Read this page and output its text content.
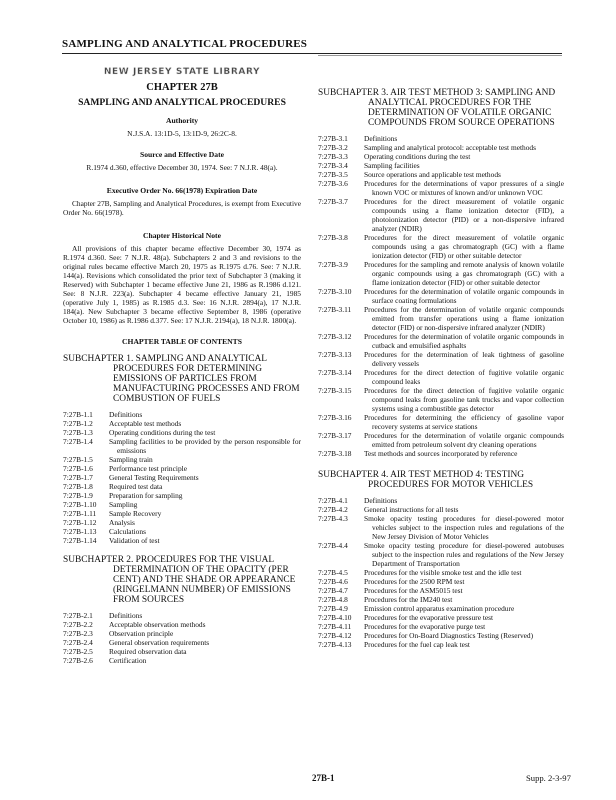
SAMPLING AND ANALYTICAL PROCEDURES
NEW JERSEY STATE LIBRARY
CHAPTER 27B
SAMPLING AND ANALYTICAL PROCEDURES
Authority
N.J.S.A. 13:1D-5, 13:1D-9, 26:2C-8.
Source and Effective Date
R.1974 d.360, effective December 30, 1974. See: 7 N.J.R. 48(a).
Executive Order No. 66(1978) Expiration Date
Chapter 27B, Sampling and Analytical Procedures, is exempt from Executive Order No. 66(1978).
Chapter Historical Note
All provisions of this chapter became effective December 30, 1974 as R.1974 d.360. See: 7 N.J.R. 48(a). Subchapters 2 and 3 and revisions to the original rules became effective March 20, 1975 as R.1975 d.76. See: 7 N.J.R. 144(a). Revisions which consolidated the prior text of Subchapter 3 (making it Reserved) with Subchapter 1 became effective June 21, 1986 as R.1986 d.121. See: 8 N.J.R. 223(a). Subchapter 4 became effective January 21, 1985 (operative July 1, 1985) as R.1985 d.3. See: 16 N.J.R. 2894(a), 17 N.J.R. 184(a). New Subchapter 3 became effective September 8, 1986 (operative October 10, 1986) as R.1986 d.377. See: 17 N.J.R. 2194(a), 18 N.J.R. 1800(a).
CHAPTER TABLE OF CONTENTS
SUBCHAPTER 1. SAMPLING AND ANALYTICAL PROCEDURES FOR DETERMINING EMISSIONS OF PARTICLES FROM MANUFACTURING PROCESSES AND FROM COMBUSTION OF FUELS
7:27B-1.1	Definitions
7:27B-1.2	Acceptable test methods
7:27B-1.3	Operating conditions during the test
7:27B-1.4	Sampling facilities to be provided by the person responsible for emissions
7:27B-1.5	Sampling train
7:27B-1.6	Performance test principle
7:27B-1.7	General Testing Requirements
7:27B-1.8	Required test data
7:27B-1.9	Preparation for sampling
7:27B-1.10	Sampling
7:27B-1.11	Sample Recovery
7:27B-1.12	Analysis
7:27B-1.13	Calculations
7:27B-1.14	Validation of test
SUBCHAPTER 2. PROCEDURES FOR THE VISUAL DETERMINATION OF THE OPACITY (PER CENT) AND THE SHADE OR APPEARANCE (RINGELMANN NUMBER) OF EMISSIONS FROM SOURCES
7:27B-2.1	Definitions
7:27B-2.2	Acceptable observation methods
7:27B-2.3	Observation principle
7:27B-2.4	General observation requirements
7:27B-2.5	Required observation data
7:27B-2.6	Certification
SUBCHAPTER 3. AIR TEST METHOD 3: SAMPLING AND ANALYTICAL PROCEDURES FOR THE DETERMINATION OF VOLATILE ORGANIC COMPOUNDS FROM SOURCE OPERATIONS
7:27B-3.1	Definitions
7:27B-3.2	Sampling and analytical protocol: acceptable test methods
7:27B-3.3	Operating conditions during the test
7:27B-3.4	Sampling facilities
7:27B-3.5	Source operations and applicable test methods
7:27B-3.6	Procedures for the determinations of vapor pressures of a single known VOC or mixtures of known and/or unknown VOC
7:27B-3.7	Procedures for the direct measurement of volatile organic compounds using a flame ionization detector (FID), a photoionization detector (PID) or a non-dispersive infrared analyzer (NDIR)
7:27B-3.8	Procedures for the direct measurement of volatile organic compounds using a gas chromatograph (GC) with a flame ionization detector (FID) or other suitable detector
7:27B-3.9	Procedures for the sampling and remote analysis of known volatile organic compounds using a gas chromatograph (GC) with a flame ionization detector (FID) or other suitable detector
7:27B-3.10	Procedures for the determination of volatile organic compounds in surface coating formulations
7:27B-3.11	Procedures for the determination of volatile organic compounds emitted from transfer operations using a flame ionization detector (FID) or non-dispersive infrared analyzer (NDIR)
7:27B-3.12	Procedures for the determination of volatile organic compounds in cutback and emulsified asphalts
7:27B-3.13	Procedures for the determination of leak tightness of gasoline delivery vessels
7:27B-3.14	Procedures for the direct detection of fugitive volatile organic compound leaks
7:27B-3.15	Procedures for the direct detection of fugitive volatile organic compound leaks from gasoline tank trucks and vapor collection systems using a combustible gas detector
7:27B-3.16	Procedures for determining the efficiency of gasoline vapor recovery systems at service stations
7:27B-3.17	Procedures for the determination of volatile organic compounds emitted from petroleum solvent dry cleaning operations
7:27B-3.18	Test methods and sources incorporated by reference
SUBCHAPTER 4. AIR TEST METHOD 4: TESTING PROCEDURES FOR MOTOR VEHICLES
7:27B-4.1	Definitions
7:27B-4.2	General instructions for all tests
7:27B-4.3	Smoke opacity testing procedures for diesel-powered motor vehicles subject to the inspection rules and regulations of the New Jersey Division of Motor Vehicles
7:27B-4.4	Smoke opacity testing procedure for diesel-powered autobuses subject to the inspection rules and regulations of the New Jersey Department of Transportation
7:27B-4.5	Procedures for the visible smoke test and the idle test
7:27B-4.6	Procedures for the 2500 RPM test
7:27B-4.7	Procedures for the ASM5015 test
7:27B-4.8	Procedures for the IM240 test
7:27B-4.9	Emission control apparatus examination procedure
7:27B-4.10	Procedures for the evaporative pressure test
7:27B-4.11	Procedures for the evaporative purge test
7:27B-4.12	Procedures for On-Board Diagnostics Testing (Reserved)
7:27B-4.13	Procedures for the fuel cap leak test
27B-1	Supp. 2-3-97
